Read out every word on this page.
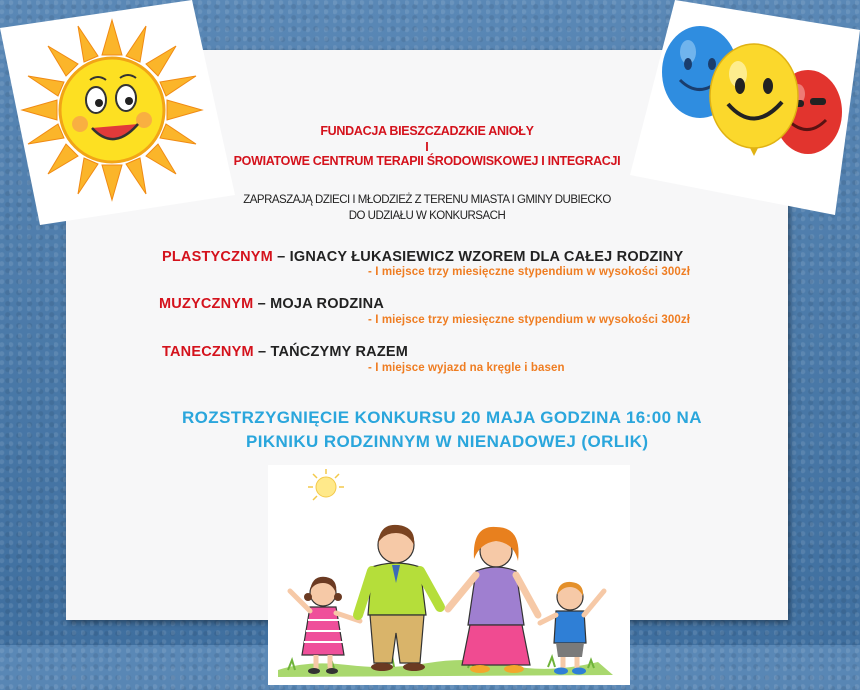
FUNDACJA BIESZCZADZKIE ANIOŁY
I
POWIATOWE CENTRUM TERAPII ŚRODOWISKOWEJ I INTEGRACJI
ZAPRASZAJĄ DZIECI I MŁODZIEŻ Z TERENU MIASTA I GMINY DUBIECKO
DO UDZIAŁU W KONKURSACH
PLASTYCZNYM – IGNACY ŁUKASIEWICZ WZOREM DLA CAŁEJ RODZINY
- I miejsce trzy miesięczne stypendium w wysokości 300zł
MUZYCZNYM – MOJA RODZINA
- I miejsce trzy miesięczne stypendium w wysokości 300zł
TANECZNYM – TAŃCZYMY RAZEM
- I miejsce wyjazd na kręgle i basen
ROZSTRZYGNIĘCIE KONKURSU 20 MAJA GODZINA 16:00 NA
PIKNIKU RODZINNYM W NIENADOWEJ (ORLIK)
